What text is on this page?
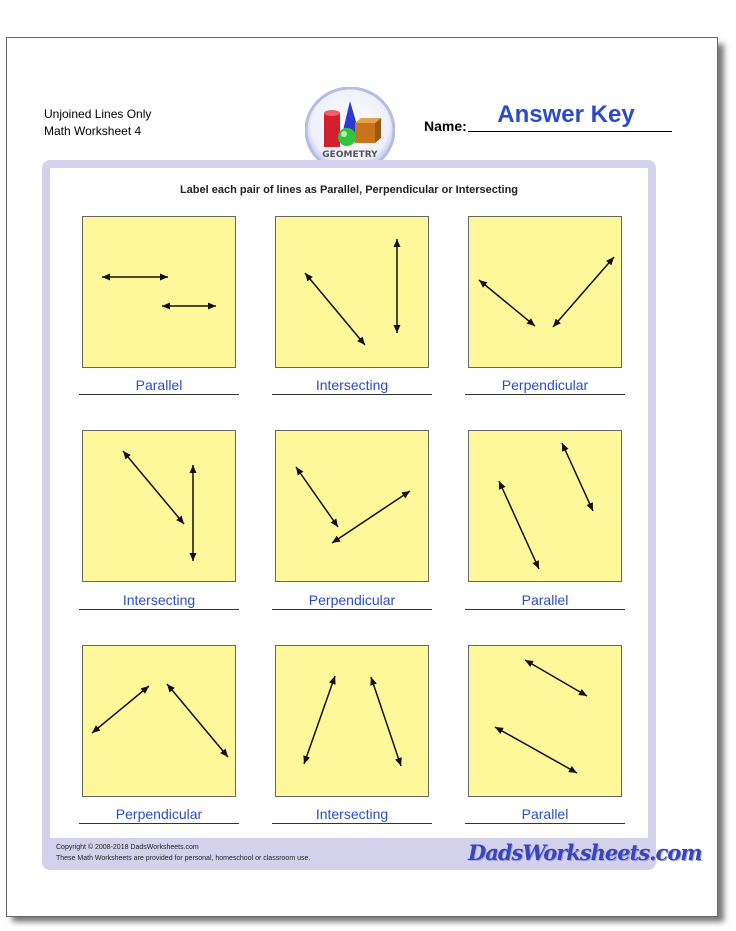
Unjoined Lines Only
Math Worksheet 4
GEOMETRY
Name:	Answer Key
Label each pair of lines as Parallel, Perpendicular or Intersecting
Parallel	Intersecting	Perpendicular
Intersecting	Perpendicular	Parallel
Perpendicular	Intersecting	Parallel
Copyright © 2008-2018 DadsWorksheets.com
These Math Worksheets are provided for personal, homeschool or classroom use.	DadsWorksheets.com
